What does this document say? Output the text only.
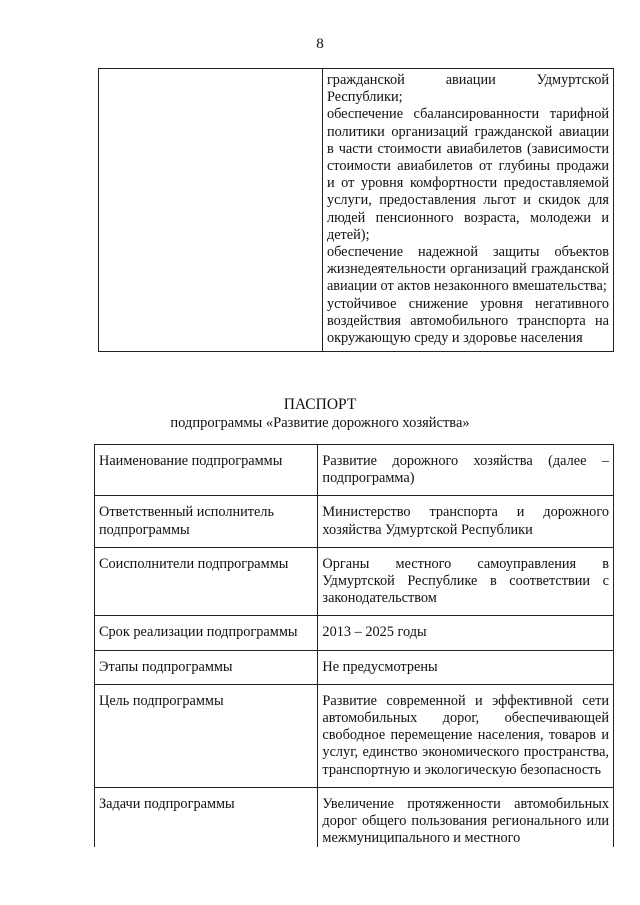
8

гражданской авиации Удмуртской Республики;
обеспечение сбалансированности тарифной политики организаций гражданской авиации в части стоимости авиабилетов (зависимости стоимости авиабилетов от глубины продажи и от уровня комфортности предоставляемой услуги, предоставления льгот и скидок для людей пенсионного возраста, молодежи и детей);
обеспечение надежной защиты объектов жизнедеятельности организаций гражданской авиации от актов незаконного вмешательства;
устойчивое снижение уровня негативного воздействия автомобильного транспорта на окружающую среду и здоровье населения
ПАСПОРТ
подпрограммы «Развитие дорожного хозяйства»
Наименование подпрограммы	Развитие дорожного хозяйства (далее – подпрограмма)
Ответственный исполнитель подпрограммы	Министерство транспорта и дорожного хозяйства Удмуртской Республики
Соисполнители подпрограммы	Органы местного самоуправления в Удмуртской Республике в соответствии с законодательством
Срок реализации подпрограммы	2013 – 2025 годы
Этапы подпрограммы	Не предусмотрены
Цель подпрограммы	Развитие современной и эффективной сети автомобильных дорог, обеспечивающей свободное перемещение населения, товаров и услуг, единство экономического пространства, транспортную и экологическую безопасность
Задачи подпрограммы	Увеличение протяженности автомобильных дорог общего пользования регионального или межмуниципального и местного
